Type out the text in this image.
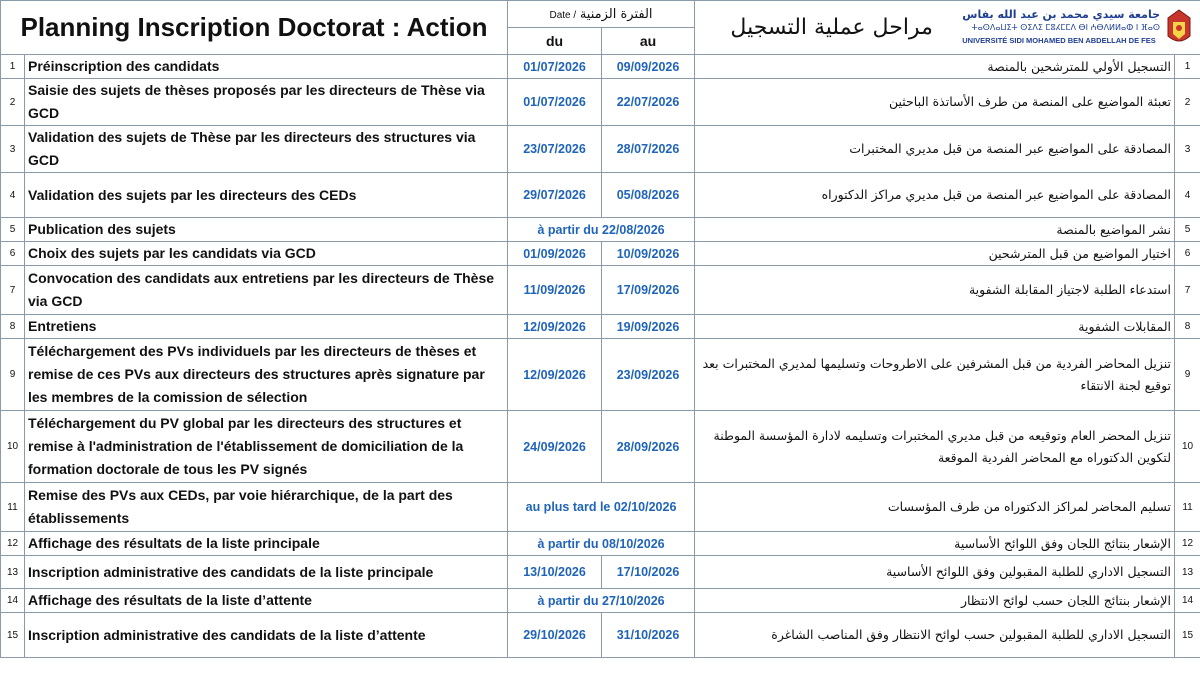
Planning Inscription Doctorat : Action		Date / الفترة الزمنية		جامعة سيدي محمد بن عبد الله بفاس
ⵜⴰⵙⴷⴰⵡⵉⵜ ⵙⵉⴷⵉ ⵎⵓⵃⵎⵎⴷ ⴱⵏ ⵄⴱⴷⵍⵍⴰⵀ ⵏ ⴼⴰⵙ
UNIVERSITÉ SIDI MOHAMED BEN ABDELLAH DE FES
مراحل عملية التسجيل	

		du	au		
1	Préinscription des candidats	01/07/2026	09/09/2026	التسجيل الأولي للمترشحين بالمنصة	1
2	Saisie des sujets de thèses proposés par les directeurs de Thèse via GCD	01/07/2026	22/07/2026	تعبئة المواضيع على المنصة من طرف الأساتذة الباحثين	2
3	Validation des sujets de Thèse par les directeurs des structures via GCD	23/07/2026	28/07/2026	المصادقة على المواضيع عبر المنصة من قبل مديري المختبرات	3
4	Validation des sujets par les directeurs des CEDs	29/07/2026	05/08/2026	المصادقة على المواضيع عبر المنصة من قبل مديري مراكز الدكتوراه	4
5	Publication des sujets	à partir du 22/08/2026		نشر المواضيع بالمنصة	5
6	Choix des sujets par les candidats via GCD	01/09/2026	10/09/2026	اختيار المواضيع من قبل المترشحين	6
7	Convocation des candidats aux entretiens par les directeurs de Thèse via GCD	11/09/2026	17/09/2026	استدعاء الطلبة لاجتياز المقابلة الشفوية	7
8	Entretiens	12/09/2026	19/09/2026	المقابلات الشفوية	8
9	Téléchargement des PVs individuels par les directeurs de thèses et remise de ces PVs aux directeurs des structures après signature par les membres de la comission de sélection	12/09/2026	23/09/2026	تنزيل المحاضر الفردية من قبل المشرفين على الاطروحات وتسليمها لمديري المختبرات بعد توقيع لجنة الانتقاء	9
10	Téléchargement du PV global par les directeurs des structures et remise à l'administration de l'établissement de domiciliation de la formation doctorale de tous les PV signés	24/09/2026	28/09/2026	تنزيل المحضر العام وتوقيعه من قبل مديري المختبرات وتسليمه لادارة المؤسسة الموطنة لتكوين الدكتوراه مع المحاضر الفردية الموقعة	10
11	Remise des PVs aux CEDs, par voie hiérarchique, de la part des établissements	au plus tard le 02/10/2026		تسليم المحاضر لمراكز الدكتوراه من طرف المؤسسات	11
12	Affichage des résultats de la liste principale	à partir du 08/10/2026		الإشعار بنتائج اللجان وفق اللوائح الأساسية	12
13	Inscription administrative des candidats de la liste principale	13/10/2026	17/10/2026	التسجيل الاداري للطلبة المقبولين وفق اللوائح الأساسية	13
14	Affichage des résultats de la liste d’attente	à partir du 27/10/2026		الإشعار بنتائج اللجان حسب لوائح الانتظار	14
15	Inscription administrative des candidats de la liste d’attente	29/10/2026	31/10/2026	التسجيل الاداري للطلبة المقبولين حسب لوائح الانتظار وفق المناصب الشاغرة	15
